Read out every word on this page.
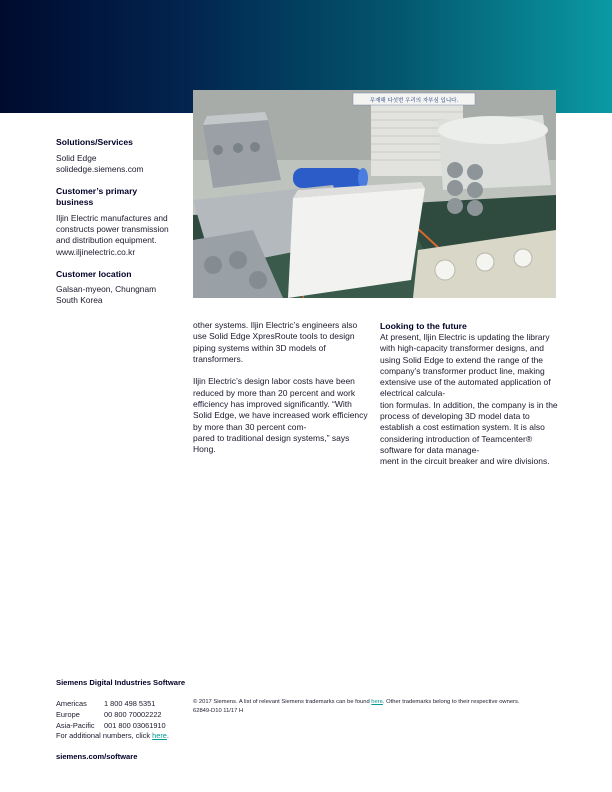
무재해 다섯번 우리의 자부심 입니다.
Solutions/Services

Solid Edge
solidedge.siemens.com

Customer’s primary business

Iljin Electric manufactures and constructs power transmission and distribution equipment.
www.iljinelectric.co.kr

Customer location

Galsan-myeon, Chungnam
South Korea

other systems. Iljin Electric’s engineers also use Solid Edge XpresRoute tools to design piping systems within 3D models of transformers.

Iljin Electric’s design labor costs have been reduced by more than 20 percent and work efficiency has improved significantly. “With Solid Edge, we have increased work efficiency by more than 30 percent com-
pared to traditional design systems,” says Hong.

Looking to the future

At present, Iljin Electric is updating the library with high-capacity transformer designs, and using Solid Edge to extend the range of the company’s transformer product line, making extensive use of the automated application of electrical calcula-
tion formulas. In addition, the company is in the process of developing 3D model data to establish a cost estimation system. It is also considering introduction of Teamcenter® software for data manage-
ment in the circuit breaker and wire divisions.

Siemens Digital Industries Software
Americas	1 800 498 5351
Europe	00 800 70002222
Asia-Pacific	001 800 03061910
For additional numbers, click here.
siemens.com/software
© 2017 Siemens. A list of relevant Siemens trademarks can be found here. Other trademarks belong to their respective owners.
62849-D10 11/17 H
